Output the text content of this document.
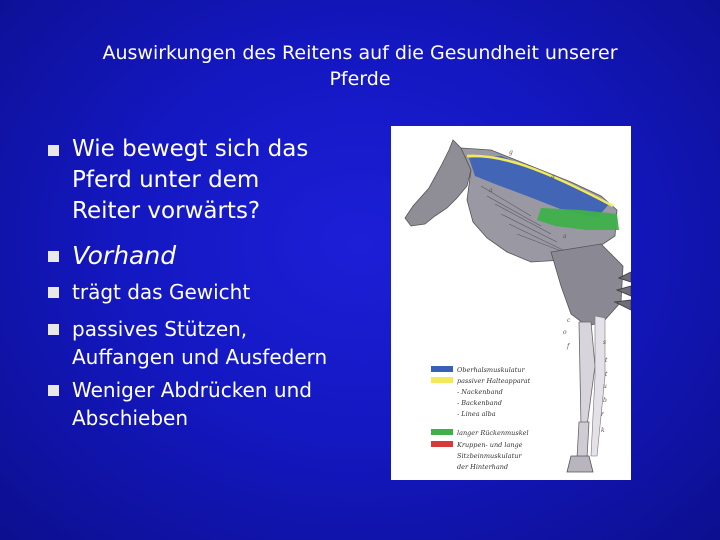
Auswirkungen des Reitens auf die Gesundheit unserer
Pferde
Wie bewegt sich das
Pferd unter dem
Reiter vorwärts?
Vorhand
trägt das Gewicht
passives Stützen,
Auffangen und Ausfedern
Weniger Abdrücken und
Abschieben
g
g
a
a
c
o
f
s
t
t
u
b
r
k
Oberhalsmuskulatur
passiver Halteapparat
- Nackenband
- Backenband
- Linea alba
langer Rückenmuskel
Kruppen- und lange
Sitzbeinmuskulatur
der Hinterhand
